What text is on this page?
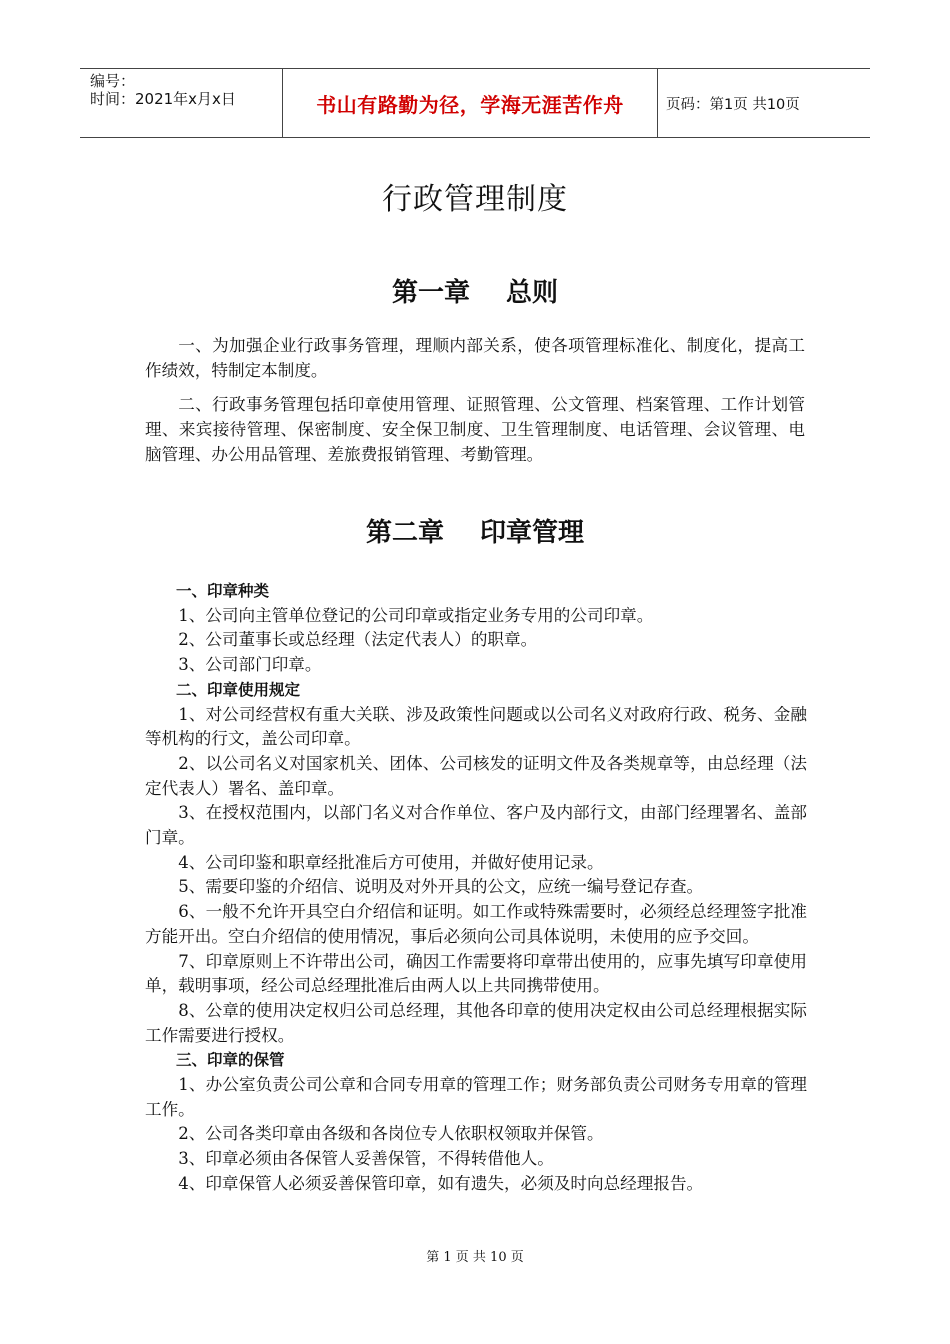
编号：
时间：2021年x月x日	书山有路勤为径，学海无涯苦作舟	页码：第1页 共10页
行政管理制度
第一章 总则

一、为加强企业行政事务管理，理顺内部关系，使各项管理标准化、制度化，提高工作绩效，特制定本制度。

二、行政事务管理包括印章使用管理、证照管理、公文管理、档案管理、工作计划管理、来宾接待管理、保密制度、安全保卫制度、卫生管理制度、电话管理、会议管理、电脑管理、办公用品管理、差旅费报销管理、考勤管理。

第二章 印章管理

一、印章种类

1、公司向主管单位登记的公司印章或指定业务专用的公司印章。

2、公司董事长或总经理（法定代表人）的职章。

3、公司部门印章。

二、印章使用规定

1、对公司经营权有重大关联、涉及政策性问题或以公司名义对政府行政、税务、金融等机构的行文，盖公司印章。

2、以公司名义对国家机关、团体、公司核发的证明文件及各类规章等，由总经理（法定代表人）署名、盖印章。

3、在授权范围内，以部门名义对合作单位、客户及内部行文，由部门经理署名、盖部门章。

4、公司印鉴和职章经批准后方可使用，并做好使用记录。

5、需要印鉴的介绍信、说明及对外开具的公文，应统一编号登记存查。

6、一般不允许开具空白介绍信和证明。如工作或特殊需要时，必须经总经理签字批准方能开出。空白介绍信的使用情况，事后必须向公司具体说明，未使用的应予交回。

7、印章原则上不许带出公司，确因工作需要将印章带出使用的，应事先填写印章使用单，载明事项，经公司总经理批准后由两人以上共同携带使用。

8、公章的使用决定权归公司总经理，其他各印章的使用决定权由公司总经理根据实际工作需要进行授权。

三、印章的保管

1、办公室负责公司公章和合同专用章的管理工作；财务部负责公司财务专用章的管理工作。

2、公司各类印章由各级和各岗位专人依职权领取并保管。

3、印章必须由各保管人妥善保管，不得转借他人。

4、印章保管人必须妥善保管印章，如有遗失，必须及时向总经理报告。

第 1 页 共 10 页
